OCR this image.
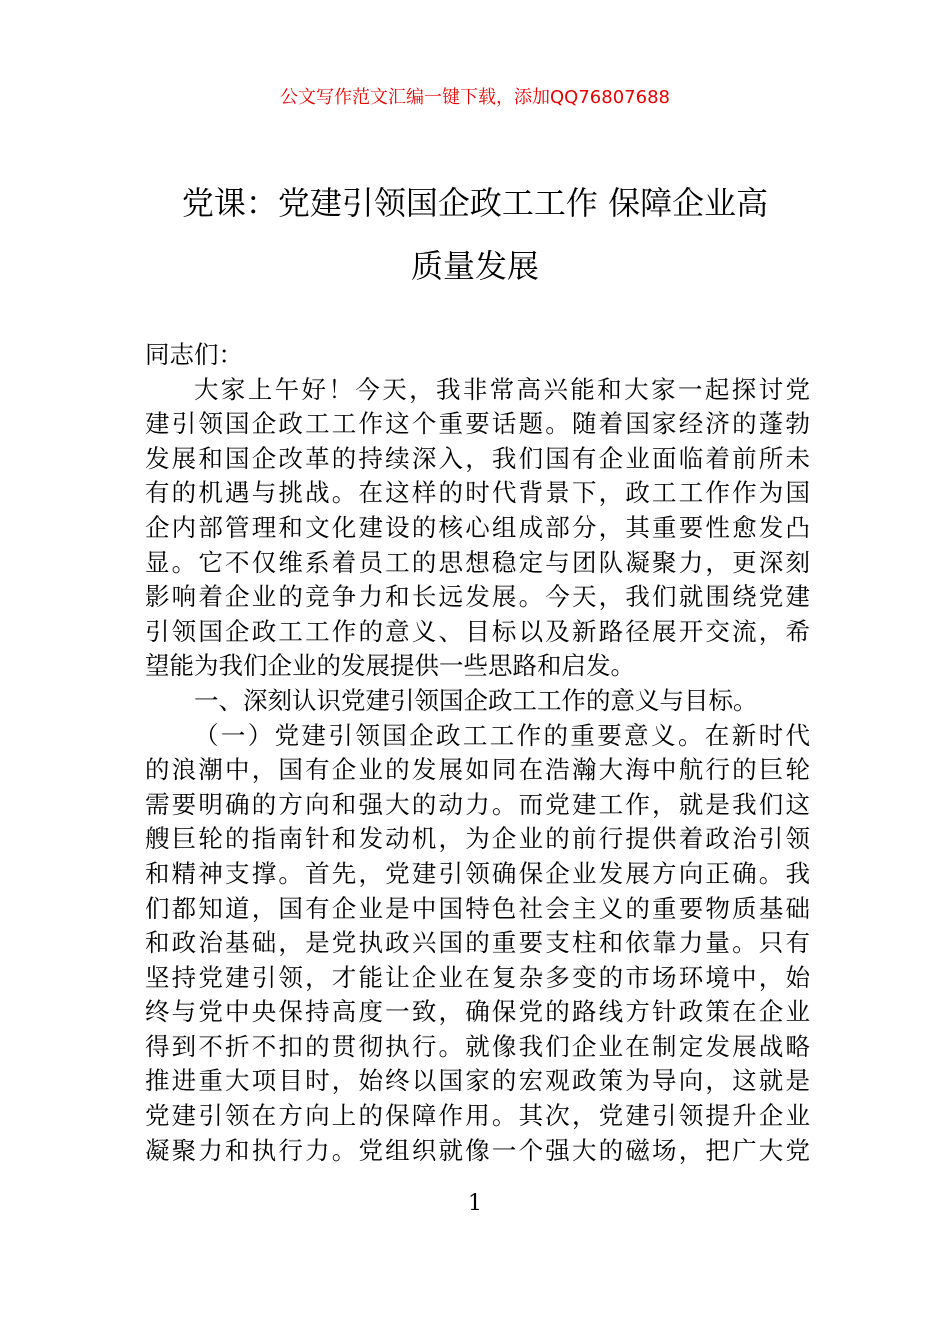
公文写作范文汇编一键下载，添加QQ76807688
党课：党建引领国企政工工作 保障企业高
质量发展

同志们：

大家上午好！今天，我非常高兴能和大家一起探讨党
建引领国企政工工作这个重要话题。随着国家经济的蓬勃
发展和国企改革的持续深入，我们国有企业面临着前所未
有的机遇与挑战。在这样的时代背景下，政工工作作为国
企内部管理和文化建设的核心组成部分，其重要性愈发凸
显。它不仅维系着员工的思想稳定与团队凝聚力，更深刻
影响着企业的竞争力和长远发展。今天，我们就围绕党建
引领国企政工工作的意义、目标以及新路径展开交流，希
望能为我们企业的发展提供一些思路和启发。

一、深刻认识党建引领国企政工工作的意义与目标。

（一）党建引领国企政工工作的重要意义。在新时代
的浪潮中，国有企业的发展如同在浩瀚大海中航行的巨轮
需要明确的方向和强大的动力。而党建工作，就是我们这
艘巨轮的指南针和发动机，为企业的前行提供着政治引领
和精神支撑。首先，党建引领确保企业发展方向正确。我
们都知道，国有企业是中国特色社会主义的重要物质基础
和政治基础，是党执政兴国的重要支柱和依靠力量。只有
坚持党建引领，才能让企业在复杂多变的市场环境中，始
终与党中央保持高度一致，确保党的路线方针政策在企业
得到不折不扣的贯彻执行。就像我们企业在制定发展战略
推进重大项目时，始终以国家的宏观政策为导向，这就是
党建引领在方向上的保障作用。其次，党建引领提升企业
凝聚力和执行力。党组织就像一个强大的磁场，把广大党

1
